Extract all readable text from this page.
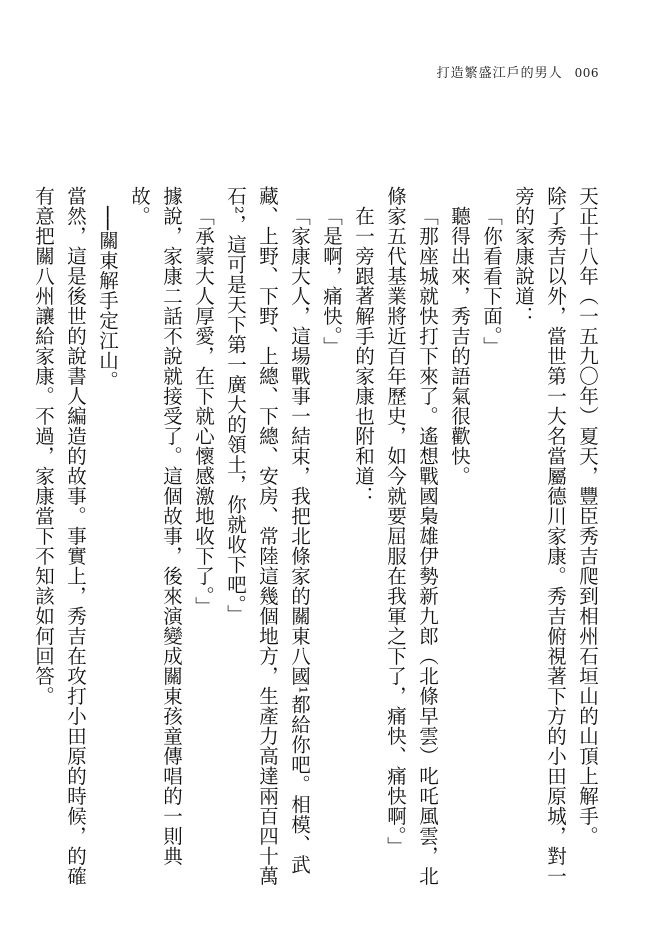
打造繁盛江戶的男人 006

天正十八年（一五九〇年）夏天，豐臣秀吉爬到相州石垣山的山頂上解手。

除了秀吉以外，當世第一大名當屬德川家康。秀吉俯視著下方的小田原城，對一旁的家康說道：

「你看看下面。」

聽得出來，秀吉的語氣很歡快。

「那座城就快打下來了。遙想戰國梟雄伊勢新九郎（北條早雲）叱吒風雲，北條家五代基業將近百年歷史，如今就要屈服在我軍之下了，痛快、痛快啊。」

在一旁跟著解手的家康也附和道：

「是啊，痛快。」

「家康大人，這場戰事一結束，我把北條家的關東八國¹都給你吧。相模、武藏、上野、下野、上總、下總、安房、常陸這幾個地方，生產力高達兩百四十萬石²，這可是天下第一廣大的領土，你就收下吧。」

「承蒙大人厚愛，在下就心懷感激地收下了。」

據說，家康二話不說就接受了。這個故事，後來演變成關東孩童傳唱的一則典故。

──關東解手定江山。

當然，這是後世的說書人編造的故事。事實上，秀吉在攻打小田原的時候，的確有意把關八州讓給家康。不過，家康當下不知該如何回答。
